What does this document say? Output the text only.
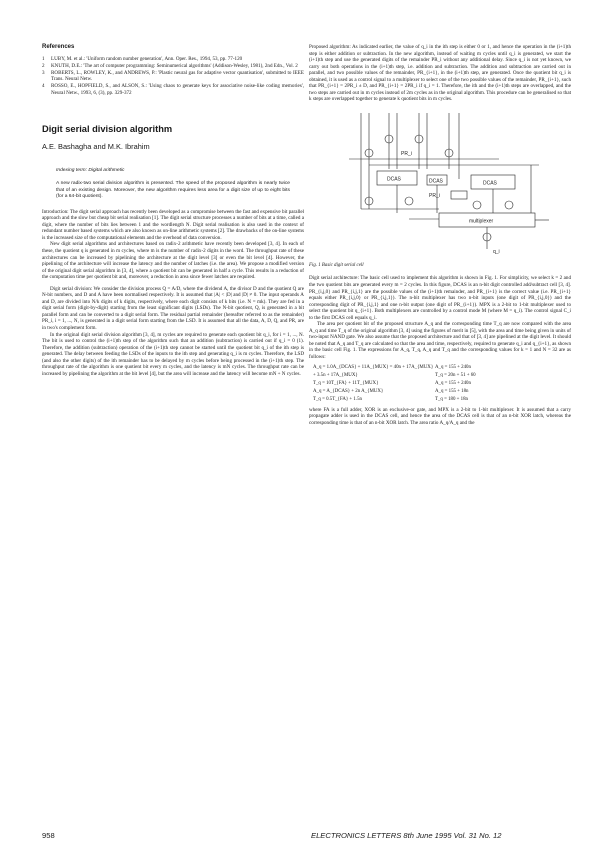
References
1 LUBY, M. et al.: 'Uniform random number generation', Ann. Oper. Res., 1994, 53, pp. 77-120
2 KNUTH, D.E.: 'The art of computer programming: Seminumerical algorithms' (Addison-Wesley, 1981), 2nd Edn., Vol. 2
3 ROBERTS, L., ROWLEY, K., and ANDREWS, P.: 'Plastic neural gas for adaptive vector quantisation', submitted to IEEE Trans. Neural Netw.
4 ROSSO, E., HOPFIELD, S., and ALSON, S.: 'Using chaos to generate keys for associative noise-like coding memories', Neural Netw., 1993, 6, (3), pp. 329-372
Digit serial division algorithm
A.E. Bashagha and M.K. Ibrahim
Indexing term: Digital arithmetic
A new radix-two serial division algorithm is presented. The speed of the proposed algorithm is nearly twice that of an existing design. Moreover, the new algorithm requires less area for a digit size of up to eight bits (for a 64-bit quotient).

Introduction: The digit serial approach has recently been developed as a compromise between the fast and expensive bit parallel approach and the slow but cheap bit serial realisation [1]. The digit serial structure processes a number of bits at a time, called a digit, where the number of bits lies between 1 and the wordlength N. Digit serial realisation is also used in the context of redundant number based systems which are also known as on-line arithmetic systems [2]. The drawbacks of the on-line systems is the increased size of the computational elements and the overhead of data conversion.

New digit serial algorithms and architectures based on radix-2 arithmetic have recently been developed [3, 4]. In each of these, the quotient q is generated in m cycles, where m is the number of radix-2 digits in the word. The throughput rate of these architectures can be increased by pipelining the architecture at the digit level [3] or even the bit level [4]. However, the pipelining of the architecture will increase the latency and the number of latches (i.e. the area). We propose a modified version of the original digit serial algorithm in [3, 4], where a quotient bit can be generated in half a cycle. This results in a reduction of the computation time per quotient bit and, moreover, a reduction in area since fewer latches are required.

Digit serial division: We consider the division process Q = A/D, where the dividend A, the divisor D and the quotient Q are N-bit numbers, and D and A have been normalised respectively. It is assumed that |A| < |D| and |D| ≠ 0. The input operands A and D, are divided into N/k digits of k digits, respectively, where each digit consists of k bits (i.e. N = mk). They are fed in a digit serial form (digit-by-digit) starting from the least significant digits (LSDs). The N-bit quotient, Q, is generated in a bit parallel form and can be converted to a digit serial form. The residual partial remainder (hereafter referred to as the remainder) PR_i, i = 1, ..., N, is generated in a digit serial form starting from the LSD. It is assumed that all the data, A, D, Q, and PR, are in two's complement form.

In the original digit serial division algorithm [3, 4], m cycles are required to generate each quotient bit q_i, for i = 1, ..., N. The bit is used to control the (i+1)th step of the algorithm such that an addition (subtraction) is carried out if q_i = 0 (1). Therefore, the addition (subtraction) operation of the (i+1)th step cannot be started until the quotient bit q_i of the ith step is generated. The delay between feeding the LSDs of the inputs to the ith step and generating q_i is m cycles. Therefore, the LSD (and also the other digits) of the ith remainder has to be delayed by m cycles before being processed in the (i+1)th step. The throughput rate of the algorithm is one quotient bit every m cycles, and the latency is mN cycles. The throughput rate can be increased by pipelining the algorithm at the bit level [4], but the area will increase and the latency will become mN + N cycles.

Proposed algorithm: As indicated earlier, the value of q_i in the ith step is either 0 or 1, and hence the operation in the (i+1)th step is either addition or subtraction. In the new algorithm, instead of waiting m cycles until q_i is generated, we start the (i+1)th step and use the generated digits of the remainder PR_i without any additional delay. Since q_i is not yet known, we carry out both operations in the (i+1)th step, i.e. addition and subtraction. The addition and subtraction are carried out in parallel, and two possible values of the remainder, PR_{i+1}, in the (i+1)th step, are generated. Once the quotient bit q_i is obtained, it is used as a control signal to a multiplexer to select one of the two possible values of the remainder, PR_{i+1}, such that PR_{i+1} = 2PR_i ± D, and PR_{i+1} = 2PR_i if q_i = 1. Therefore, the ith and the (i+1)th steps are overlapped, and the two steps are carried out in m cycles instead of 2m cycles as in the original algorithm. This procedure can be generalised so that k steps are overlapped together to generate k quotient bits in m cycles.

DCAS
DCAS
multiplexer
PR_i
PR_i
DCAS
q_i
Fig. 1 Basic digit serial cell

Digit serial architecture: The basic cell used to implement this algorithm is shown in Fig. 1. For simplicity, we select k = 2 and the two quotient bits are generated every m = 2 cycles. In this figure, DCAS is an n-bit digit controlled add/subtract cell [3, 4]. PR_{i,j,0} and PR_{i,j,1} are the possible values of the (i+1)th remainder, and PR_{i+1} is the correct value (i.e. PR_{i+1} equals either PR_{i,j,0} or PR_{i,j,1}). The n-bit multiplexer has two n-bit inputs (one digit of PR_{i,j,0}) and the corresponding digit of PR_{i,j,1} and one n-bit output (one digit of PR_{i+1}). MPX is a 2-bit to 1-bit multiplexer used to select the quotient bit q_{i+1}. Both multiplexers are controlled by a control mode M (where M = q_i). The control signal C_i to the first DCAS cell equals q_i.

The area per quotient bit of the proposed structure A_q and the corresponding time T_q are now compared with the area A_q and time T_q of the original algorithm [3, 4] using the figures of merit in [5], with the area and time being given in units of two-input NAND gate. We also assume that the proposed architecture and that of [3, 4] are pipelined at the digit level. It should be noted that A_q and T_q are calculated so that the area and time, respectively, required to generate q_i and q_{i+1}, as shown in the basic cell Fig. 1. The expressions for A_q, T_q, A_q and T_q and the corresponding values for k = 1 and N = 32 are as follows:

A_q = 1.0A_{DCAS} + 11A_{MUX} = 40n + 17A_{MUX} A_q = 155 + 240n
+ 3.5n + 17A_{MUX}	T_q = 20n + 51 + 60
T_q = 10T_{FA} + 11T_{MUX}	A_q = 155 + 240n
A_q = A_{DCAS} + 2n A_{MUX}	A_q = 155 + 18n
T_q = 0.5T_{FA} + 1.5n	T_q = 180 + 18n

where FA is a full adder, XOR is an exclusive-or gate, and MPX is a 2-bit to 1-bit multiplexer. It is assumed that a carry propagate adder is used in the DCAS cell, and hence the area of the DCAS cell is that of an n-bit XOR latch, whereas the corresponding time is that of an n-bit XOR latch. The area ratio A_q/A_q and the

958	ELECTRONICS LETTERS 8th June 1995 Vol. 31 No. 12
